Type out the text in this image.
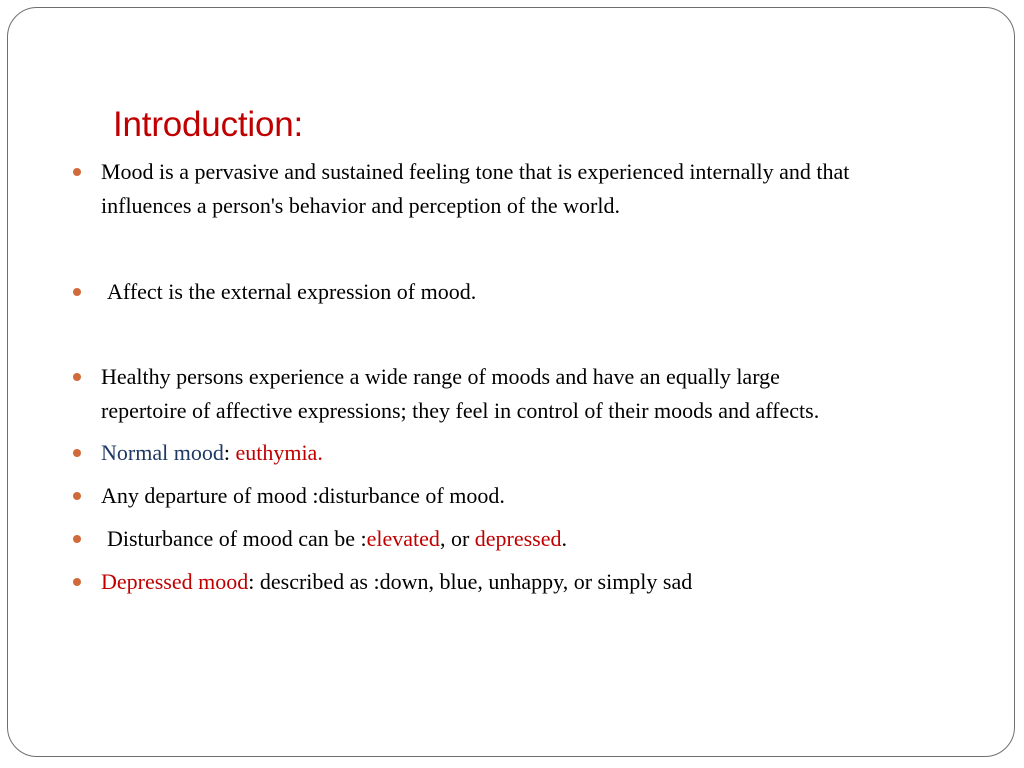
Introduction:
Mood is a pervasive and sustained feeling tone that is experienced internally and that
influences a person's behavior and perception of the world.
Affect is the external expression of mood.
Healthy persons experience a wide range of moods and have an equally large
repertoire of affective expressions; they feel in control of their moods and affects.
Normal mood: euthymia.
Any departure of mood :disturbance of mood.
Disturbance of mood can be :elevated, or depressed.
Depressed mood: described as :down, blue, unhappy, or simply sad
